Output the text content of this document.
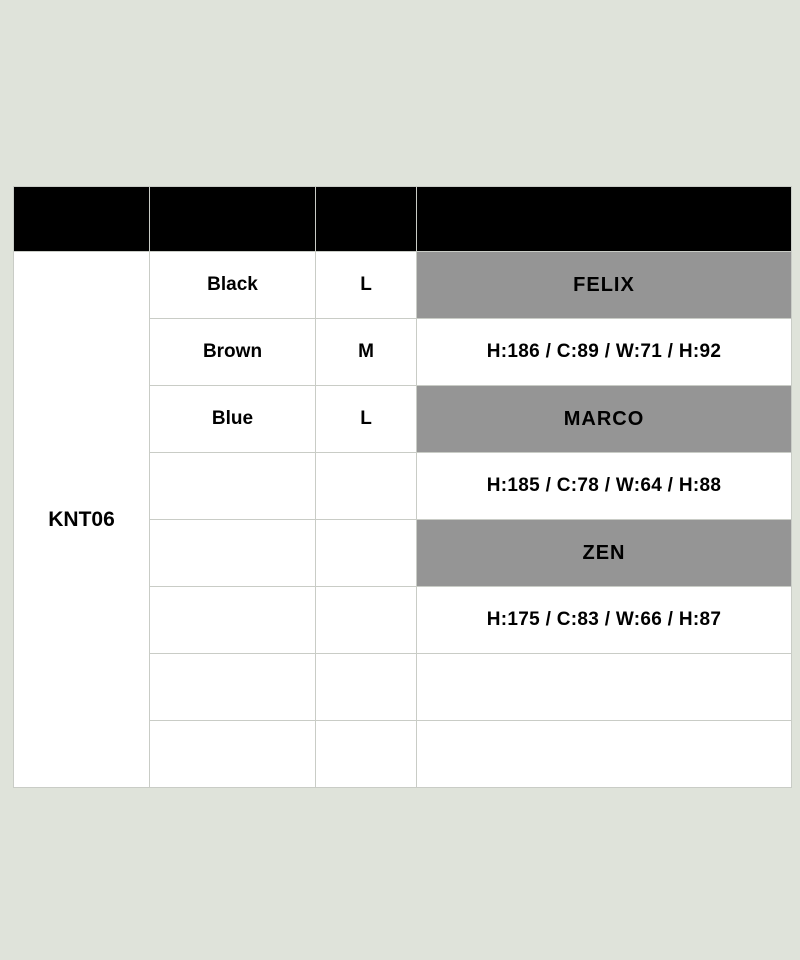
KNT	Color	Size	Models
KNT06	Black	L	FELIX
	Brown	M	H:186 / C:89 / W:71 / H:92
	Blue	L	MARCO
			H:185 / C:78 / W:64 / H:88
			ZEN
			H:175 / C:83 / W:66 / H:87
